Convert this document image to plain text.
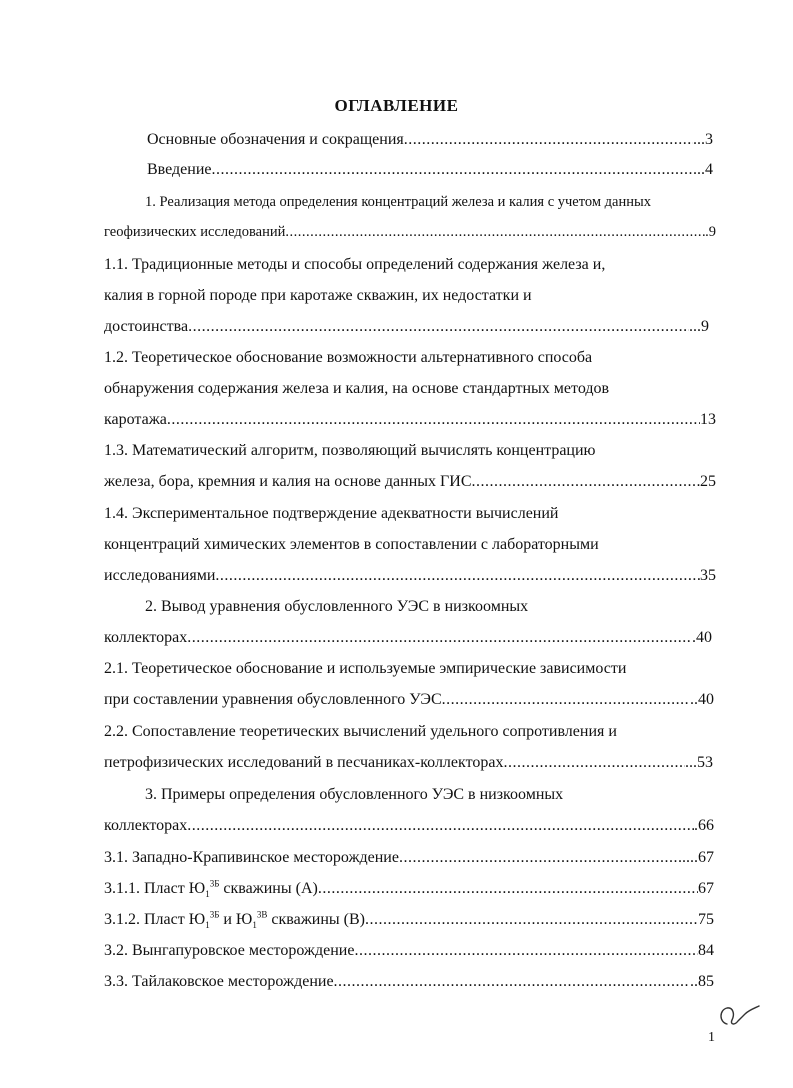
ОГЛАВЛЕНИЕ
Основные обозначения и сокращения .....	...3
Введение .....	...4
1. Реализация метода определения концентраций железа и калия с учетом данных
геофизических исследований .....	.9
1.1. Традиционные методы и способы определений содержания железа и,
калия в горной породе при каротаже скважин, их недостатки и
достоинства .....	...9
1.2. Теоретическое обоснование возможности альтернативного способа
обнаружения содержания железа и калия, на основе стандартных методов
каротажа .....	13
1.3. Математический алгоритм, позволяющий вычислять концентрацию
железа, бора, кремния и калия на основе данных ГИС .....	25
1.4. Экспериментальное подтверждение адекватности вычислений
концентраций химических элементов в сопоставлении с лабораторными
исследованиями .....	35
2. Вывод уравнения обусловленного УЭС в низкоомных
коллекторах .....	.40
2.1. Теоретическое обоснование и используемые эмпирические зависимости
при составлении уравнения обусловленного УЭС .....	..40
2.2. Сопоставление теоретических вычислений удельного сопротивления и
петрофизических исследований в песчаниках-коллекторах .....	...53
3. Примеры определения обусловленного УЭС в низкоомных
коллекторах .....	.66
3.1. Западно-Крапивинское месторождение .....	....67
3.1.1. Пласт $Ю_1^{3Б}$ скважины (А) .....	67
3.1.2. Пласт $Ю_1^{3Б}$ и $Ю_1^{3В}$ скважины (В) .....	75
3.2. Вынгапуровское месторождение .....	84
3.3. Тайлаковское месторождение .....	..85
1
